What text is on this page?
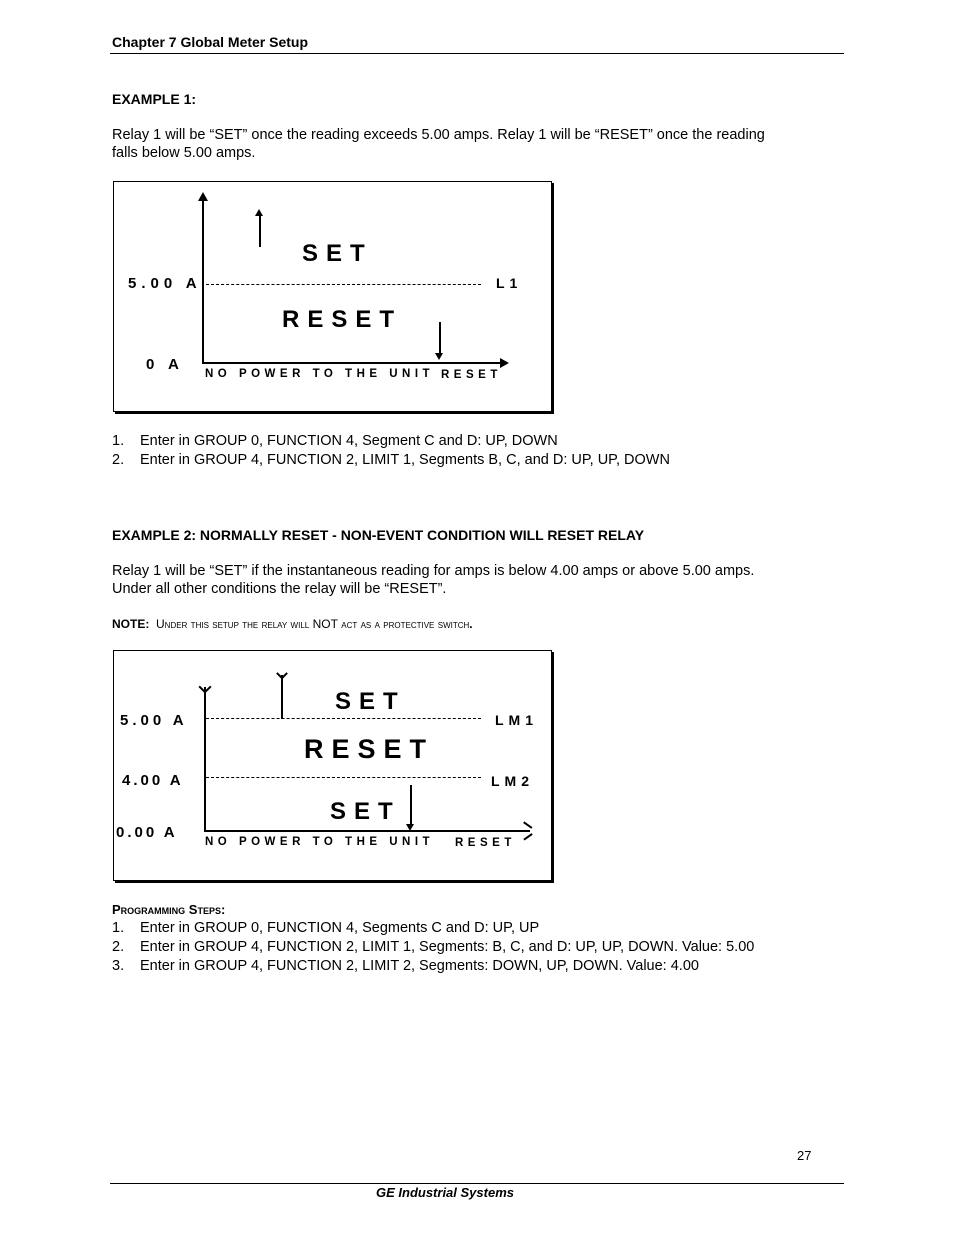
Chapter 7 Global Meter Setup
EXAMPLE 1:
Relay 1 will be “SET” once the reading exceeds 5.00 amps. Relay 1 will be “RESET” once the reading
falls below 5.00 amps.
SET
RESET
5.00 A
0 A
L1
NO POWER TO THE UNIT RESET
1. Enter in GROUP 0, FUNCTION 4, Segment C and D: UP, DOWN
2. Enter in GROUP 4, FUNCTION 2, LIMIT 1, Segments B, C, and D: UP, UP, DOWN
EXAMPLE 2: NORMALLY RESET - NON-EVENT CONDITION WILL RESET RELAY
Relay 1 will be “SET” if the instantaneous reading for amps is below 4.00 amps or above 5.00 amps.
Under all other conditions the relay will be “RESET”.
NOTE: Under this setup the relay will NOT act as a protective switch.
SET
RESET
SET
5.00 A
4.00 A
0.00 A
LM1
LM2
NO POWER TO THE UNIT RESET
Programming Steps:
1. Enter in GROUP 0, FUNCTION 4, Segments C and D: UP, UP
2. Enter in GROUP 4, FUNCTION 2, LIMIT 1, Segments: B, C, and D: UP, UP, DOWN. Value: 5.00
3. Enter in GROUP 4, FUNCTION 2, LIMIT 2, Segments: DOWN, UP, DOWN. Value: 4.00
27
GE Industrial Systems
